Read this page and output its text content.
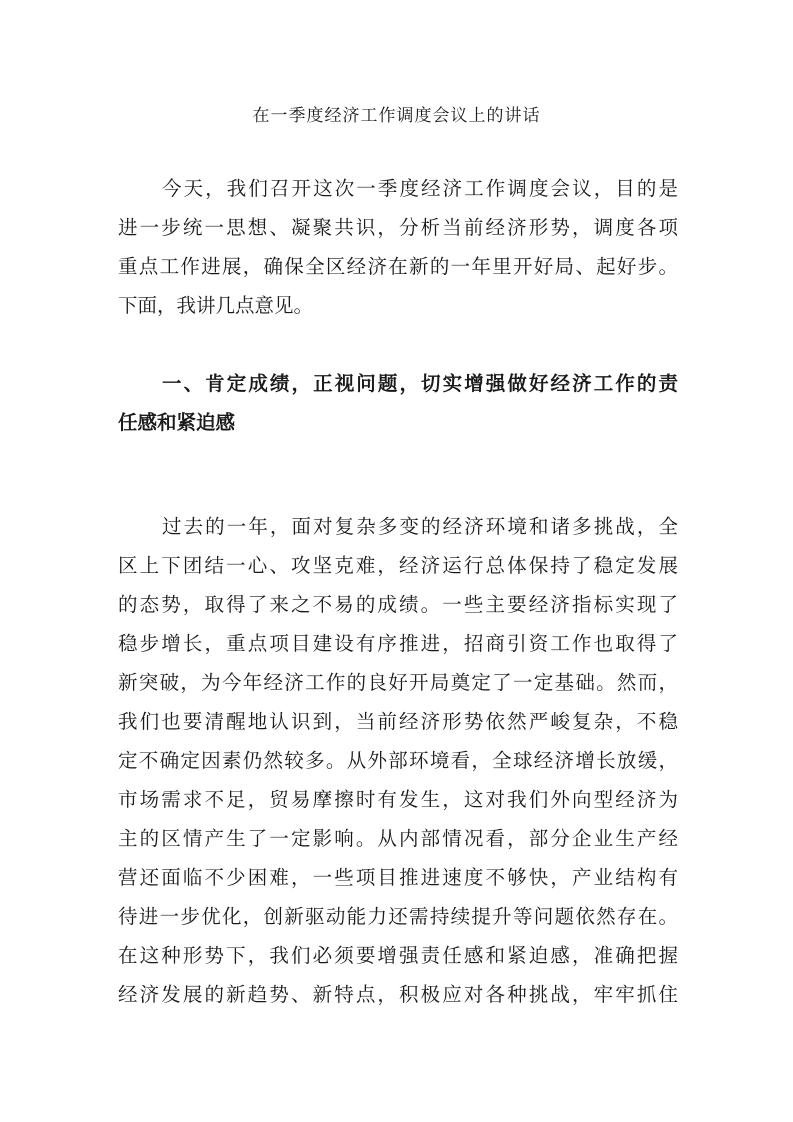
在一季度经济工作调度会议上的讲话
今天，我们召开这次一季度经济工作调度会议，目的是
进一步统一思想、凝聚共识，分析当前经济形势，调度各项
重点工作进展，确保全区经济在新的一年里开好局、起好步。
下面，我讲几点意见。
一、肯定成绩，正视问题，切实增强做好经济工作的责
任感和紧迫感
过去的一年，面对复杂多变的经济环境和诸多挑战，全
区上下团结一心、攻坚克难，经济运行总体保持了稳定发展
的态势，取得了来之不易的成绩。一些主要经济指标实现了
稳步增长，重点项目建设有序推进，招商引资工作也取得了
新突破，为今年经济工作的良好开局奠定了一定基础。然而，
我们也要清醒地认识到，当前经济形势依然严峻复杂，不稳
定不确定因素仍然较多。从外部环境看，全球经济增长放缓，
市场需求不足，贸易摩擦时有发生，这对我们外向型经济为
主的区情产生了一定影响。从内部情况看，部分企业生产经
营还面临不少困难，一些项目推进速度不够快，产业结构有
待进一步优化，创新驱动能力还需持续提升等问题依然存在。
在这种形势下，我们必须要增强责任感和紧迫感，准确把握
经济发展的新趋势、新特点，积极应对各种挑战，牢牢抓住
